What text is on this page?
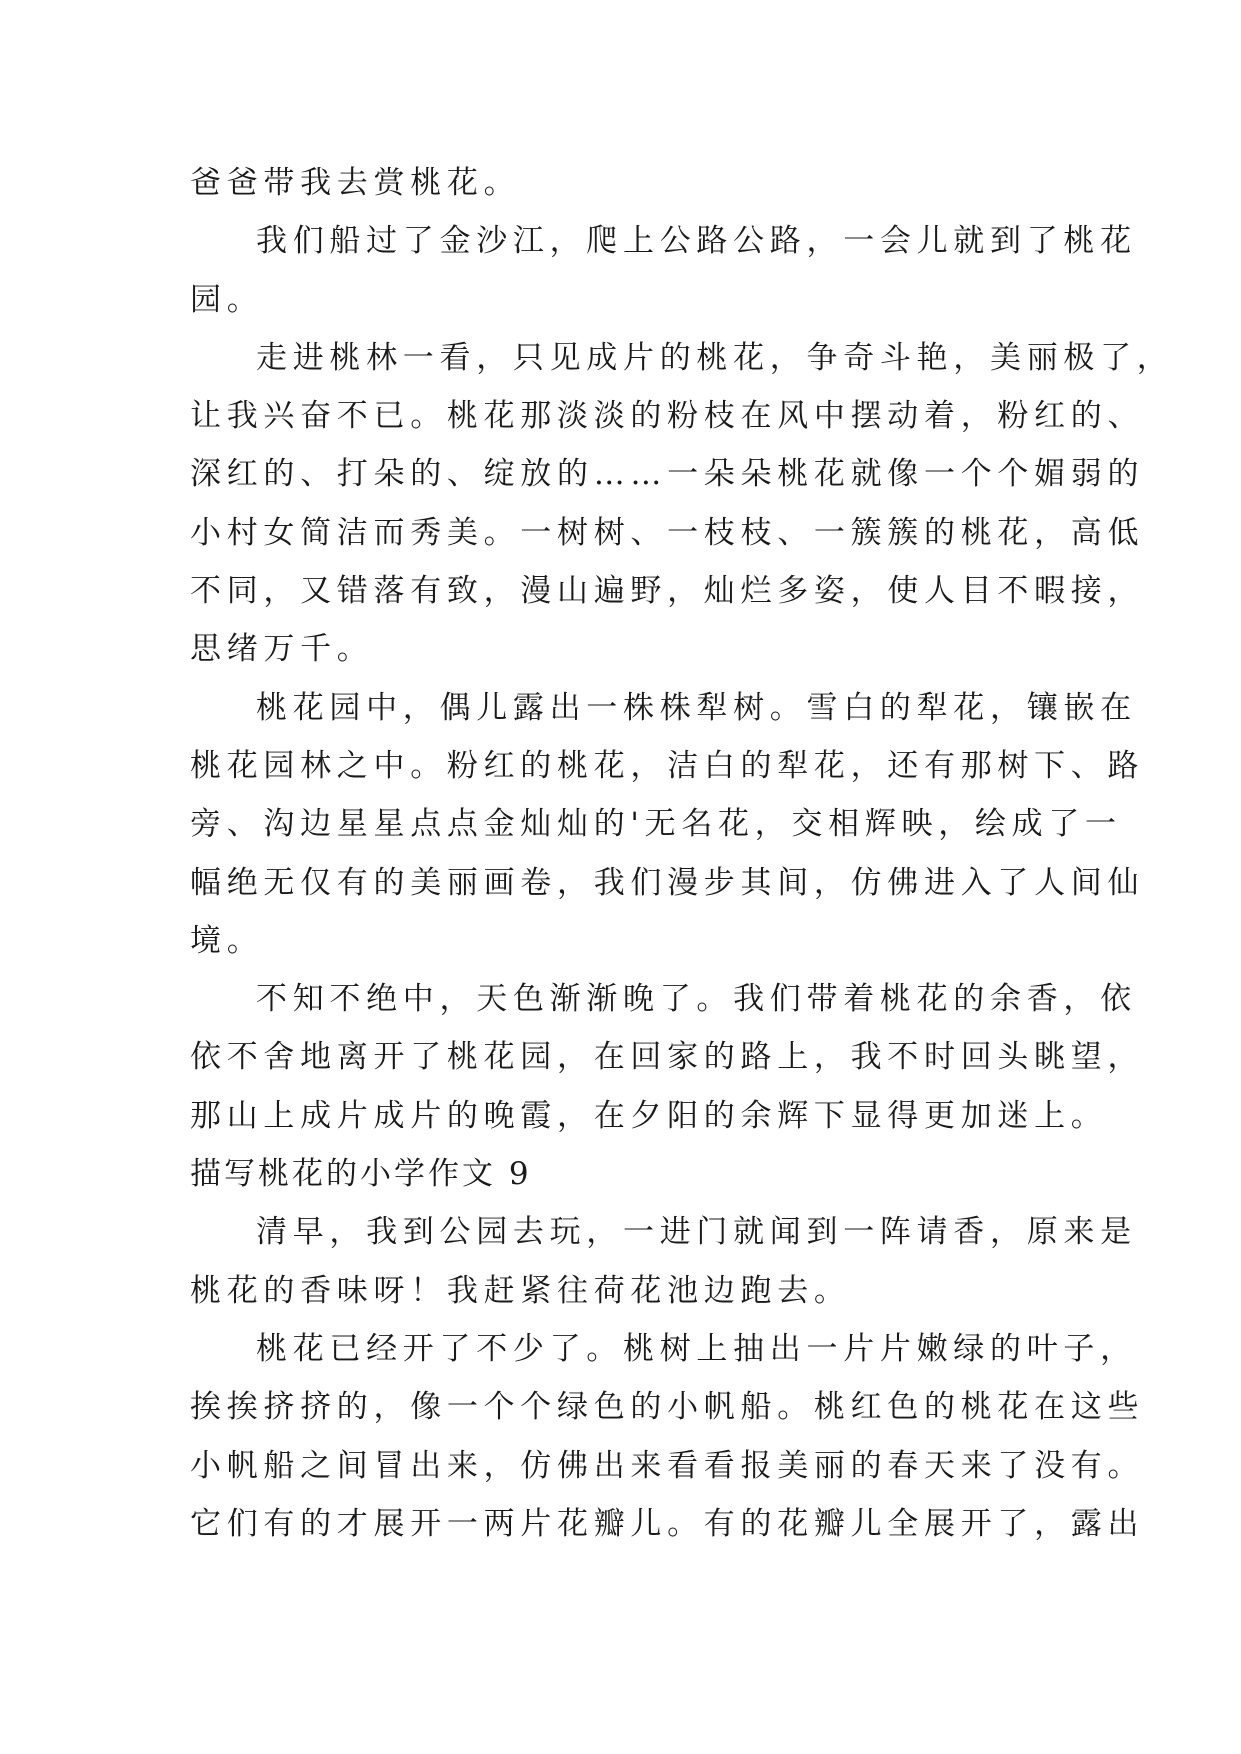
爸爸带我去赏桃花。
我们船过了金沙江，爬上公路公路，一会儿就到了桃花
园。
走进桃林一看，只见成片的桃花，争奇斗艳，美丽极了，
让我兴奋不已。桃花那淡淡的粉枝在风中摆动着，粉红的、
深红的、打朵的、绽放的……一朵朵桃花就像一个个媚弱的
小村女简洁而秀美。一树树、一枝枝、一簇簇的桃花，高低
不同，又错落有致，漫山遍野，灿烂多姿，使人目不暇接，
思绪万千。
桃花园中，偶儿露出一株株犁树。雪白的犁花，镶嵌在
桃花园林之中。粉红的桃花，洁白的犁花，还有那树下、路
旁、沟边星星点点金灿灿的'无名花，交相辉映，绘成了一
幅绝无仅有的美丽画卷，我们漫步其间，仿佛进入了人间仙
境。
不知不绝中，天色渐渐晚了。我们带着桃花的余香，依
依不舍地离开了桃花园，在回家的路上，我不时回头眺望，
那山上成片成片的晚霞，在夕阳的余辉下显得更加迷上。
描写桃花的小学作文 9
清早，我到公园去玩，一进门就闻到一阵请香，原来是
桃花的香味呀！我赶紧往荷花池边跑去。
桃花已经开了不少了。桃树上抽出一片片嫩绿的叶子，
挨挨挤挤的，像一个个绿色的小帆船。桃红色的桃花在这些
小帆船之间冒出来，仿佛出来看看报美丽的春天来了没有。
它们有的才展开一两片花瓣儿。有的花瓣儿全展开了，露出
